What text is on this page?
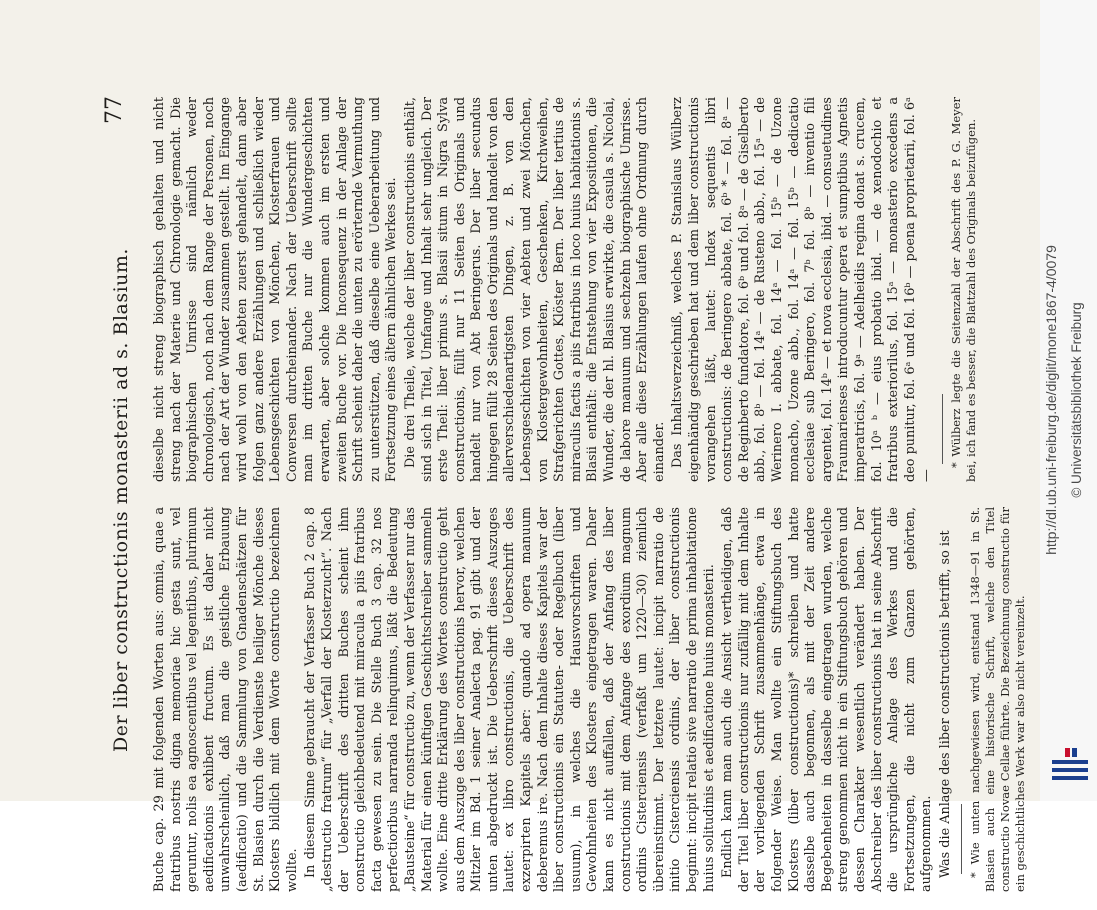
Der liber constructionis monasterii ad s. Blasium.
77

Buche cap. 29 mit folgenden Worten aus: omnia, quae a fratribus nostris digna memoriae hic gesta sunt, vel geruntur, nolis ea agnoscentibus vel legentibus, plurimum aedificationis exhibent fructum. Es ist daher nicht unwahrscheinlich, daß man die geistliche Erbauung (aedificatio) und die Sammlung von Gnadenschätzen für St. Blasien durch die Verdienste heiliger Mönche dieses Klosters bildlich mit dem Worte constructio bezeichnen wollte. In diesem Sinne gebraucht der Verfasser Buch 2 cap. 8 „destructio fratrum“ für „Verfall der Klosterzucht“. Nach der Ueberschrift des dritten Buches scheint ihm constructio gleichbedeutend mit miracula a piis fratribus facta gewesen zu sein. Die Stelle Buch 3 cap. 32 nos perfectioribus narranda relinquimus, läßt die Bedeutung „Bausteine“ für constructio zu, wenn der Verfasser nur das Material für einen künftigen Geschichtschreiber sammeln wollte. Eine dritte Erklärung des Wortes constructio geht aus dem Auszuge des liber constructionis hervor, welchen Mitzler im Bd. 1 seiner Analecta pag. 91 gibt und der unten abgedruckt ist. Die Ueberschrift dieses Auszuges lautet: ex libro constructionis, die Ueberschrift des exzerpirten Kapitels aber: quando ad opera manuum deberemus ire. Nach dem Inhalte dieses Kapitels war der liber constructionis ein Statuten- oder Regelbuch (liber usuum), in welches die Hausvorschriften und Gewohnheiten des Klosters eingetragen waren. Daher kann es nicht auffallen, daß der Anfang des liber constructionis mit dem Anfange des exordium magnum ordinis Cisterciensis (verfaßt um 1220—30) ziemlich übereinstimmt. Der letztere lautet: incipit narratio de initio Cisterciensis ordinis, der liber constructionis beginnt: incipit relatio sive narratio de prima inhabitatione huius solitudinis et aedificatione huius monasterii. Endlich kann man auch die Ansicht vertheidigen, daß der Titel liber constructionis nur zufällig mit dem Inhalte der vorliegenden Schrift zusammenhänge, etwa in folgender Weise. Man wollte ein Stiftungsbuch des Klosters (liber constructionis)* schreiben und hatte dasselbe auch begonnen, als mit der Zeit andere Begebenheiten in dasselbe eingetragen wurden, welche streng genommen nicht in ein Stiftungsbuch gehören und dessen Charakter wesentlich verändert haben. Der Abschreiber des liber constructionis hat in seine Abschrift die ursprüngliche Anlage des Werkes und die Fortsetzungen, die nicht zum Ganzen gehörten, aufgenommen. Was die Anlage des liber constructionis betrifft, so ist * Wie unten nachgewiesen wird, entstand 1348—91 in St. Blasien auch eine historische Schrift, welche den Titel constructio Novae Cellae führte. Die Bezeichnung constructio für ein geschichtliches Werk war also nicht vereinzelt.

dieselbe nicht streng biographisch gehalten und nicht streng nach der Materie und Chronologie gemacht. Die biographischen Umrisse sind nämlich weder chronologisch, noch nach dem Range der Personen, noch nach der Art der Wunder zusammen gestellt. Im Eingange wird wohl von den Aebten zuerst gehandelt, dann aber folgen ganz andere Erzählungen und schließlich wieder Lebensgeschichten von Mönchen, Klosterfrauen und Conversen durcheinander. Nach der Ueberschrift sollte man im dritten Buche nur die Wundergeschichten erwarten, aber solche kommen auch im ersten und zweiten Buche vor. Die Inconsequenz in der Anlage der Schrift scheint daher die unten zu erörternde Vermuthung zu unterstützen, daß dieselbe eine Ueberarbeitung und Fortsetzung eines ältern ähnlichen Werkes sei. Die drei Theile, welche der liber constructionis enthält, sind sich in Titel, Umfange und Inhalt sehr ungleich. Der erste Theil: liber primus s. Blasii situm in Nigra Sylva constructionis, füllt nur 11 Seiten des Originals und handelt nur von Abt Beringerus. Der liber secundus hingegen füllt 28 Seiten des Originals und handelt von den allerverschiedenartigsten Dingen, z. B. von den Lebensgeschichten von vier Aebten und zwei Mönchen, von Klostergewohnheiten, Geschenken, Kirchweihen, Strafgerichten Gottes, Klöster Bern. Der liber tertius de miraculis factis a piis fratribus in loco huius habitationis s. Blasii enthält: die Entstehung von vier Expositionen, die Wunder, die der hl. Blasius erwirkte, die casula s. Nicolai, de labore manuum und sechzehn biographische Umrisse. Aber alle diese Erzählungen laufen ohne Ordnung durch einander. Das Inhaltsverzeichniß, welches P. Stanislaus Wülberz eigenhändig geschrieben hat und dem liber constructionis vorangehen läßt, lautet: Index sequentis libri constructionis: de Beringero abbate, fol. 6ᵇ * — fol. 8ᵃ — de Reginberto fundatore, fol. 6ᵇ und fol. 8ᵃ — de Giselberto abb., fol. 8ᵇ — fol. 14ᵃ — de Rusteno abb., fol. 15ᵃ — de Werinero I. abbate, fol. 14ᵃ — fol. 15ᵇ — de Uzone monacho, Uzone abb., fol. 14ᵃ — fol. 15ᵇ — dedicatio ecclesiae sub Beringero, fol. 7ᵇ fol. 8ᵇ — inventio fili argentei, fol. 14ᵇ — et nova ecclesia, ibid. — consuetudines Fraumarienses introducuntur opera et sumptibus Agnetis imperatricis, fol. 9ᵃ — Adelheidis regina donat s. crucem, fol. 10ᵃ ᵇ — eius probatio ibid. — de xenodochio et fratribus exteriorilus, fol. 15ᵃ — monasterio excedens a deo punitur, fol. 6ᵃ und fol. 16ᵇ — poena proprietarii, fol. 6ᵃ —

* Wülberz legte die Seitenzahl der Abschrift des P. G. Meyer bei, ich fand es besser, die Blattzahl des Originals beizufügen.	http://dl.ub.uni-freiburg.de/diglit/mone1867-4/0079 © Universitätsbibliothek Freiburg
